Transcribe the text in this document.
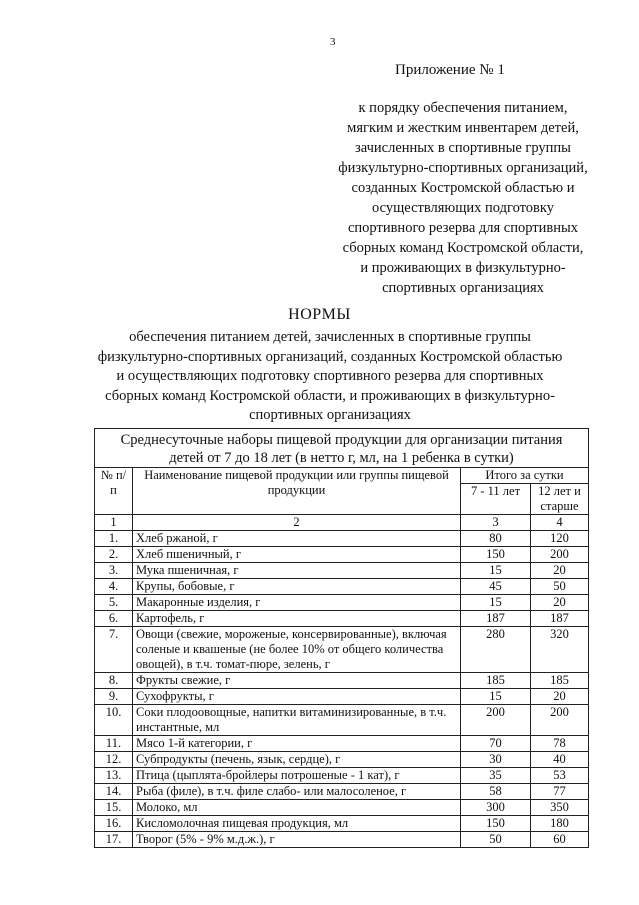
3
Приложение № 1
к порядку обеспечения питанием,
мягким и жестким инвентарем детей,
зачисленных в спортивные группы
физкультурно-спортивных организаций,
созданных Костромской областью и
осуществляющих подготовку
спортивного резерва для спортивных
сборных команд Костромской области,
и проживающих в физкультурно-
спортивных организациях
НОРМЫ
обеспечения питанием детей, зачисленных в спортивные группы
физкультурно-спортивных организаций, созданных Костромской областью
и осуществляющих подготовку спортивного резерва для спортивных
сборных команд Костромской области, и проживающих в физкультурно-
спортивных организациях
Среднесуточные наборы пищевой продукции для организации питания
детей от 7 до 18 лет (в нетто г, мл, на 1 ребенка в сутки)			

№ п/п	Наименование пищевой продукции или группы пищевой продукции	Итого за сутки	
		7 - 11 лет	12 лет и старше
1	2	3	4
1.	Хлеб ржаной, г	80	120
2.	Хлеб пшеничный, г	150	200
3.	Мука пшеничная, г	15	20
4.	Крупы, бобовые, г	45	50
5.	Макаронные изделия, г	15	20
6.	Картофель, г	187	187
7.	Овощи (свежие, мороженые, консервированные), включая соленые и квашеные (не более 10% от общего количества овощей), в т.ч. томат-пюре, зелень, г	280	320
8.	Фрукты свежие, г	185	185
9.	Сухофрукты, г	15	20
10.	Соки плодоовощные, напитки витаминизированные, в т.ч. инстантные, мл	200	200
11.	Мясо 1-й категории, г	70	78
12.	Субпродукты (печень, язык, сердце), г	30	40
13.	Птица (цыплята-бройлеры потрошеные - 1 кат), г	35	53
14.	Рыба (филе), в т.ч. филе слабо- или малосоленое, г	58	77
15.	Молоко, мл	300	350
16.	Кисломолочная пищевая продукция, мл	150	180
17.	Творог (5% - 9% м.д.ж.), г	50	60
